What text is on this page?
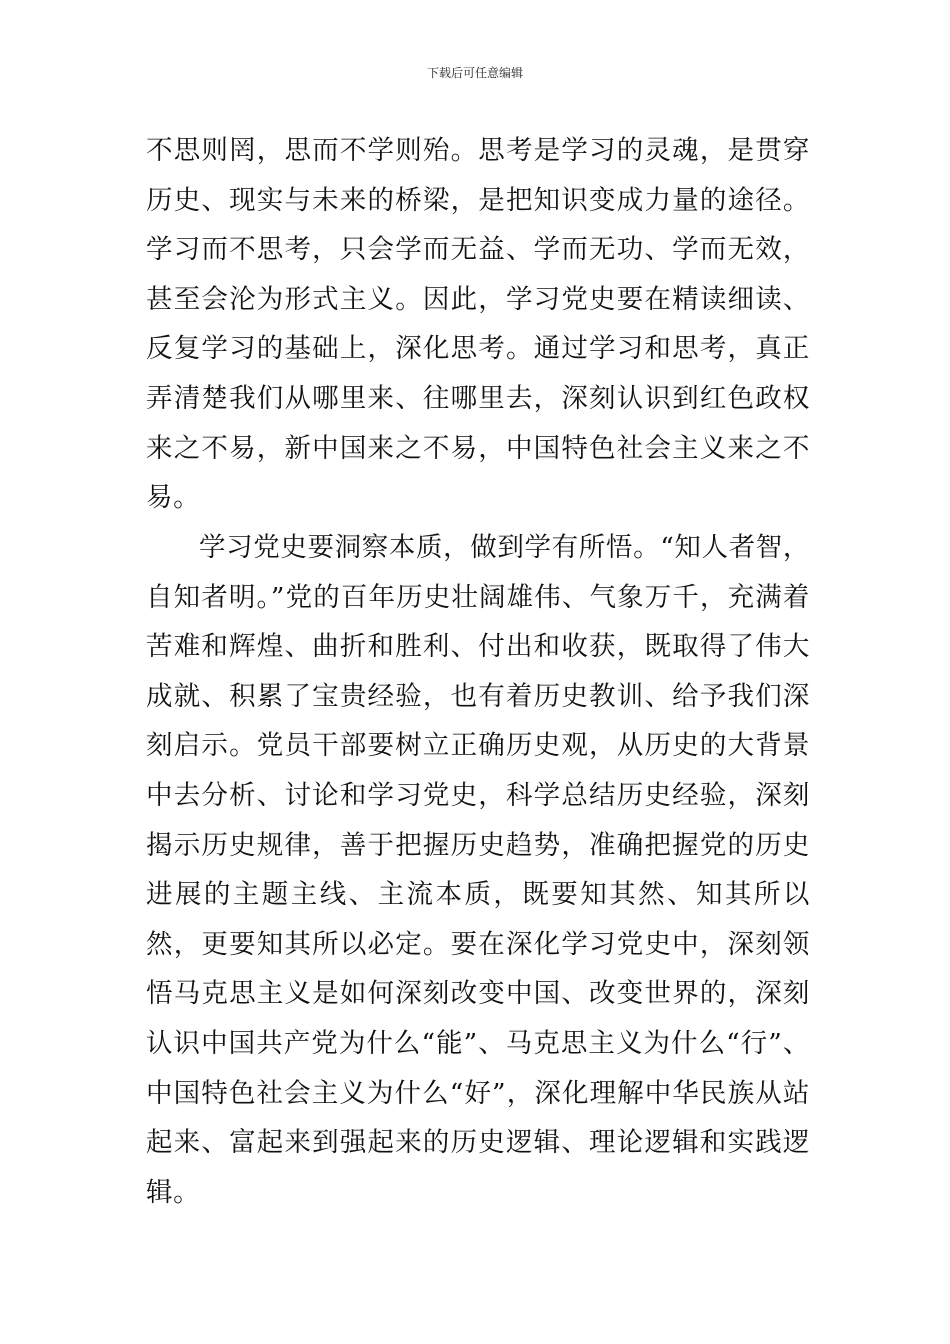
下载后可任意编辑

不思则罔，思而不学则殆。思考是学习的灵魂，是贯穿历史、现实与未来的桥梁，是把知识变成力量的途径。学习而不思考，只会学而无益、学而无功、学而无效，甚至会沦为形式主义。因此，学习党史要在精读细读、反复学习的基础上，深化思考。通过学习和思考，真正弄清楚我们从哪里来、往哪里去，深刻认识到红色政权来之不易，新中国来之不易，中国特色社会主义来之不易。

学习党史要洞察本质，做到学有所悟。“知人者智，自知者明。”党的百年历史壮阔雄伟、气象万千，充满着苦难和辉煌、曲折和胜利、付出和收获，既取得了伟大成就、积累了宝贵经验，也有着历史教训、给予我们深刻启示。党员干部要树立正确历史观，从历史的大背景中去分析、讨论和学习党史，科学总结历史经验，深刻揭示历史规律，善于把握历史趋势，准确把握党的历史进展的主题主线、主流本质，既要知其然、知其所以然，更要知其所以必定。要在深化学习党史中，深刻领悟马克思主义是如何深刻改变中国、改变世界的，深刻认识中国共产党为什么“能”、马克思主义为什么“行”、中国特色社会主义为什么“好”，深化理解中华民族从站起来、富起来到强起来的历史逻辑、理论逻辑和实践逻辑。
